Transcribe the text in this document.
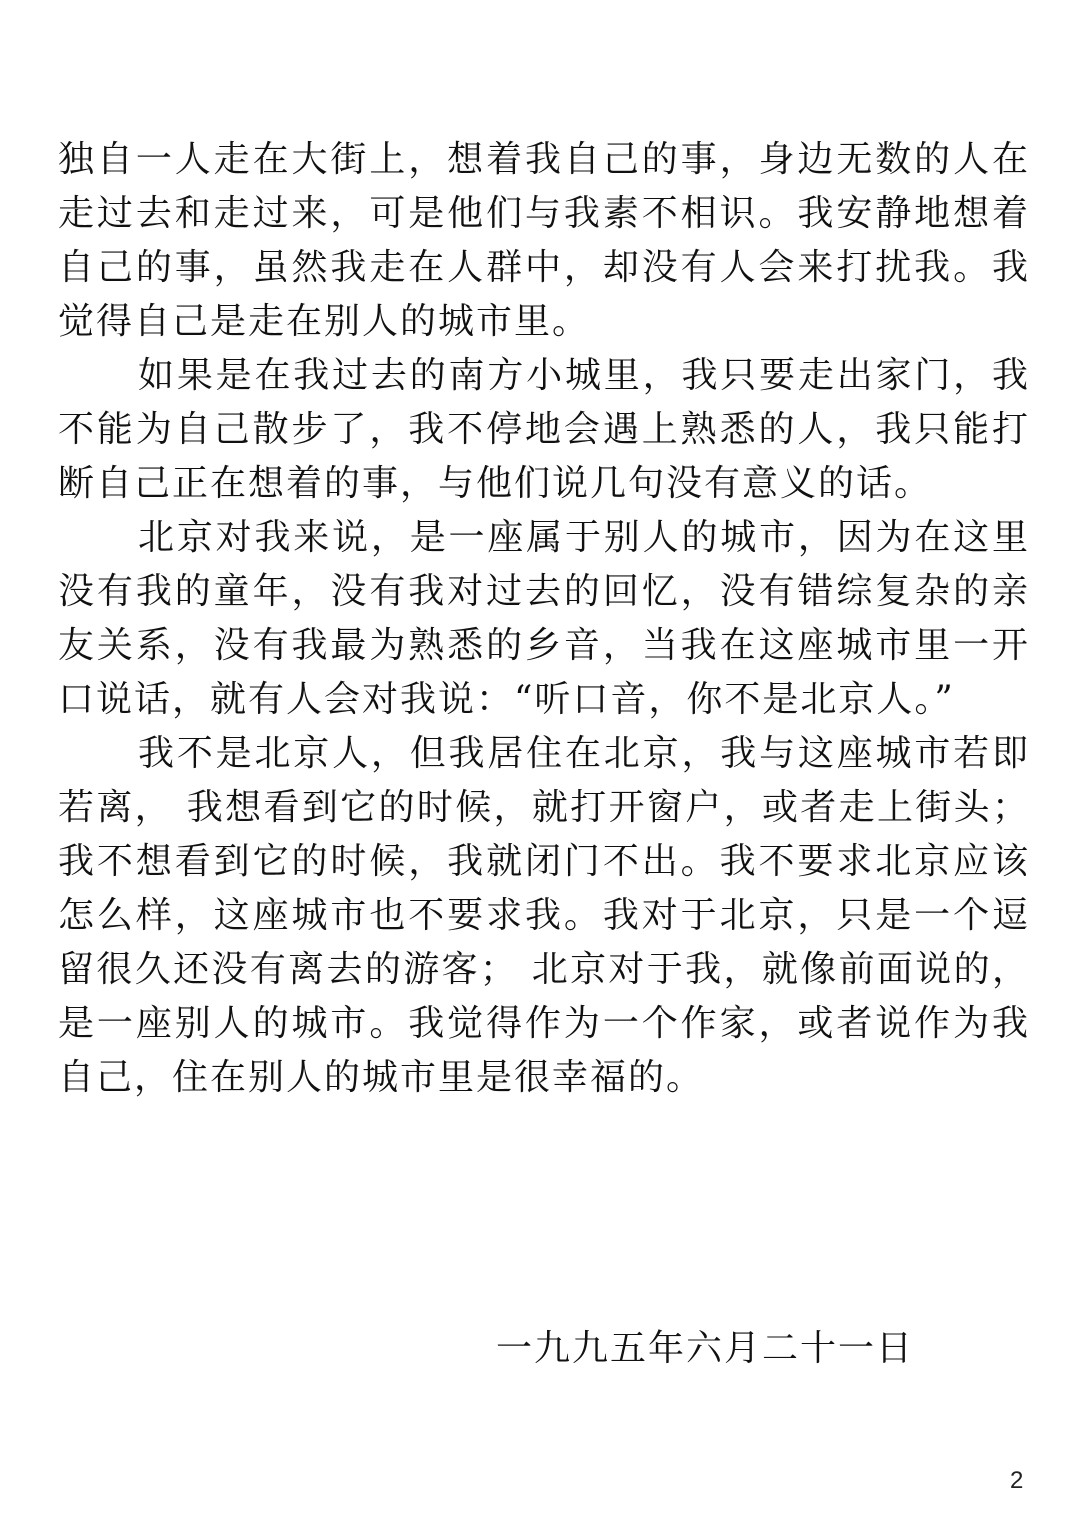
独自一人走在大街上，想着我自己的事，身边无数的人在走过去和走过来，可是他们与我素不相识。我安静地想着自己的事，虽然我走在人群中，却没有人会来打扰我。我觉得自己是走在别人的城市里。

如果是在我过去的南方小城里，我只要走出家门，我不能为自己散步了，我不停地会遇上熟悉的人，我只能打断自己正在想着的事，与他们说几句没有意义的话。

北京对我来说，是一座属于别人的城市，因为在这里没有我的童年，没有我对过去的回忆，没有错综复杂的亲友关系，没有我最为熟悉的乡音，当我在这座城市里一开口说话，就有人会对我说：“听口音，你不是北京人。”

我不是北京人，但我居住在北京，我与这座城市若即若离， 我想看到它的时候，就打开窗户，或者走上街头；我不想看到它的时候，我就闭门不出。我不要求北京应该怎么样，这座城市也不要求我。我对于北京，只是一个逗留很久还没有离去的游客； 北京对于我，就像前面说的，是一座别人的城市。我觉得作为一个作家，或者说作为我自己，住在别人的城市里是很幸福的。

一九九五年六月二十一日
2
